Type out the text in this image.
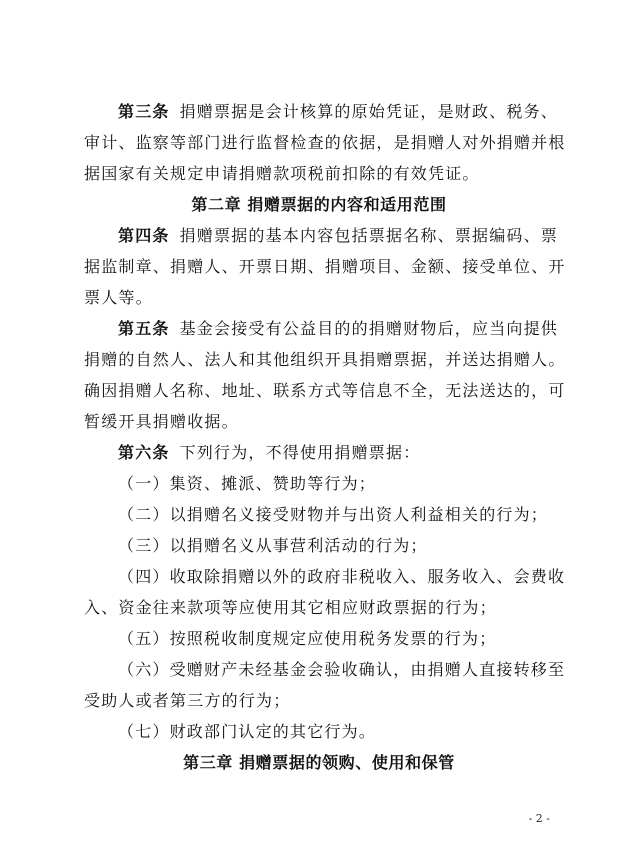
第三条 捐赠票据是会计核算的原始凭证，是财政、税务、
审计、监察等部门进行监督检查的依据，是捐赠人对外捐赠并根
据国家有关规定申请捐赠款项税前扣除的有效凭证。
第二章 捐赠票据的内容和适用范围
第四条 捐赠票据的基本内容包括票据名称、票据编码、票
据监制章、捐赠人、开票日期、捐赠项目、金额、接受单位、开
票人等。
第五条 基金会接受有公益目的的捐赠财物后，应当向提供
捐赠的自然人、法人和其他组织开具捐赠票据，并送达捐赠人。
确因捐赠人名称、地址、联系方式等信息不全，无法送达的，可
暂缓开具捐赠收据。
第六条 下列行为，不得使用捐赠票据：
（一）集资、摊派、赞助等行为；
（二）以捐赠名义接受财物并与出资人利益相关的行为；
（三）以捐赠名义从事营利活动的行为；
（四）收取除捐赠以外的政府非税收入、服务收入、会费收
入、资金往来款项等应使用其它相应财政票据的行为；
（五）按照税收制度规定应使用税务发票的行为；
（六）受赠财产未经基金会验收确认，由捐赠人直接转移至
受助人或者第三方的行为；
（七）财政部门认定的其它行为。
第三章 捐赠票据的领购、使用和保管
- 2 -
